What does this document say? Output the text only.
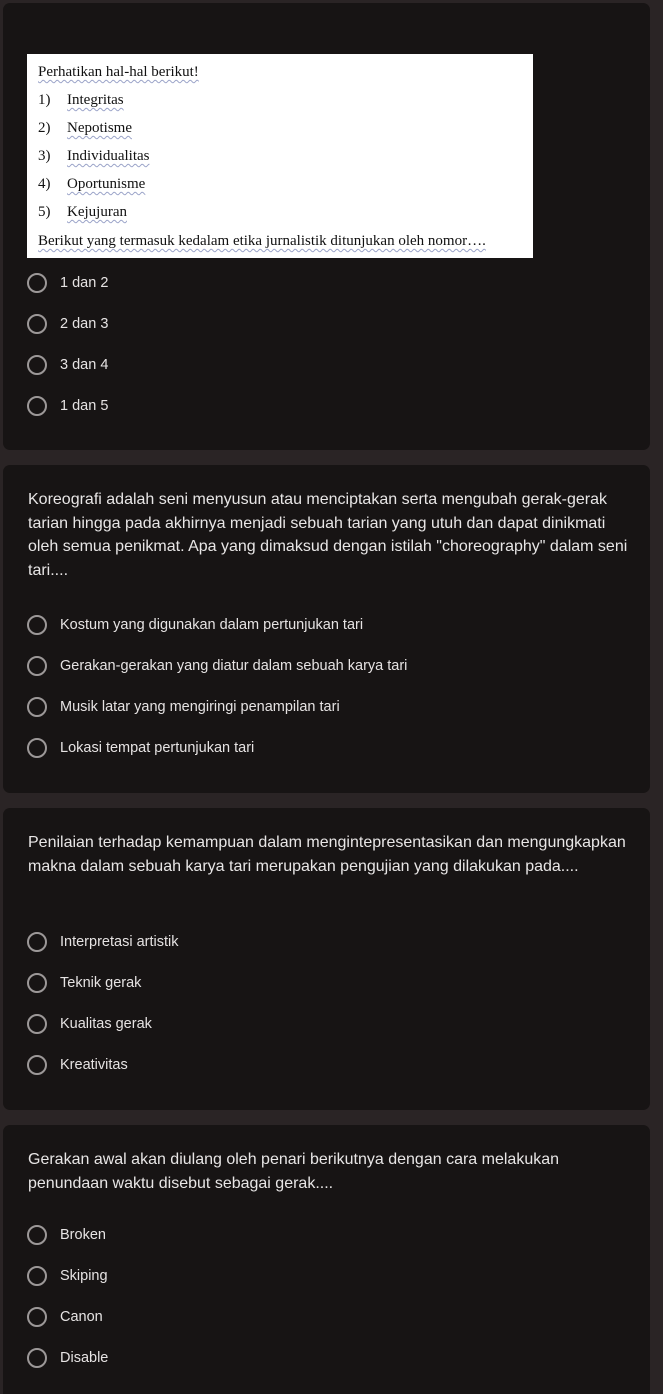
Perhatikan hal-hal berikut!
1) Integritas
2) Nepotisme
3) Individualitas
4) Oportunisme
5) Kejujuran
Berikut yang termasuk kedalam etika jurnalistik ditunjukan oleh nomor….
1 dan 2
2 dan 3
3 dan 4
1 dan 5
Koreografi adalah seni menyusun atau menciptakan serta mengubah gerak-gerak tarian hingga pada akhirnya menjadi sebuah tarian yang utuh dan dapat dinikmati oleh semua penikmat. Apa yang dimaksud dengan istilah "choreography" dalam seni tari....
Kostum yang digunakan dalam pertunjukan tari
Gerakan-gerakan yang diatur dalam sebuah karya tari
Musik latar yang mengiringi penampilan tari
Lokasi tempat pertunjukan tari
Penilaian terhadap kemampuan dalam mengintepresentasikan dan mengungkapkan makna dalam sebuah karya tari merupakan pengujian yang dilakukan pada....
Interpretasi artistik
Teknik gerak
Kualitas gerak
Kreativitas
Gerakan awal akan diulang oleh penari berikutnya dengan cara melakukan penundaan waktu disebut sebagai gerak....
Broken
Skiping
Canon
Disable
